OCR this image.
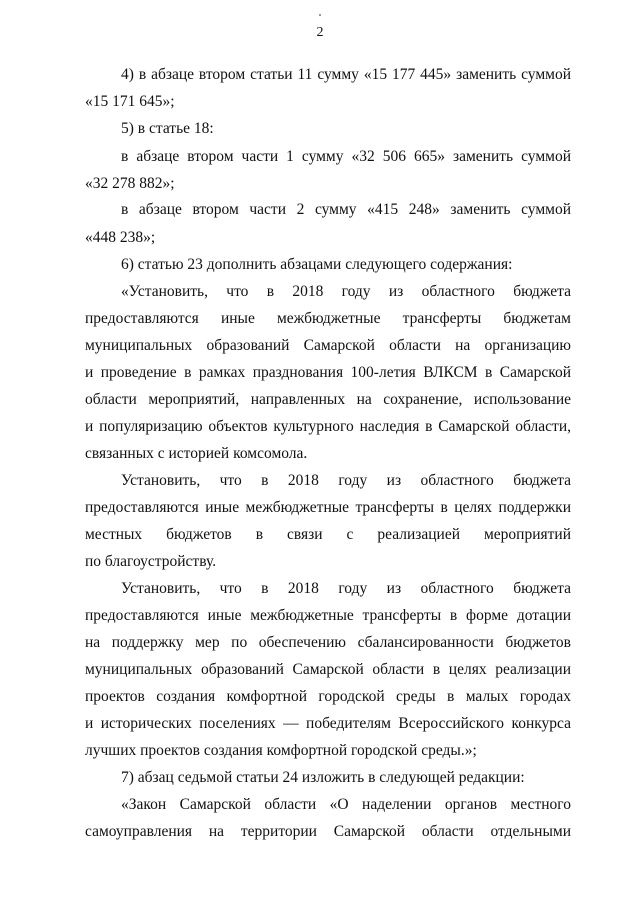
2
4) в абзаце втором статьи 11 сумму «15 177 445» заменить суммой
«15 171 645»;
5) в статье 18:
в абзаце втором части 1 сумму «32 506 665» заменить суммой
«32 278 882»;
в абзаце втором части 2 сумму «415 248» заменить суммой
«448 238»;
6) статью 23 дополнить абзацами следующего содержания:
«Установить, что в 2018 году из областного бюджета
предоставляются иные межбюджетные трансферты бюджетам
муниципальных образований Самарской области на организацию
и проведение в рамках празднования 100-летия ВЛКСМ в Самарской
области мероприятий, направленных на сохранение, использование
и популяризацию объектов культурного наследия в Самарской области,
связанных с историей комсомола.
Установить, что в 2018 году из областного бюджета
предоставляются иные межбюджетные трансферты в целях поддержки
местных бюджетов в связи с реализацией мероприятий
по благоустройству.
Установить, что в 2018 году из областного бюджета
предоставляются иные межбюджетные трансферты в форме дотации
на поддержку мер по обеспечению сбалансированности бюджетов
муниципальных образований Самарской области в целях реализации
проектов создания комфортной городской среды в малых городах
и исторических поселениях — победителям Всероссийского конкурса
лучших проектов создания комфортной городской среды.»;
7) абзац седьмой статьи 24 изложить в следующей редакции:
«Закон Самарской области «О наделении органов местного
самоуправления на территории Самарской области отдельными
